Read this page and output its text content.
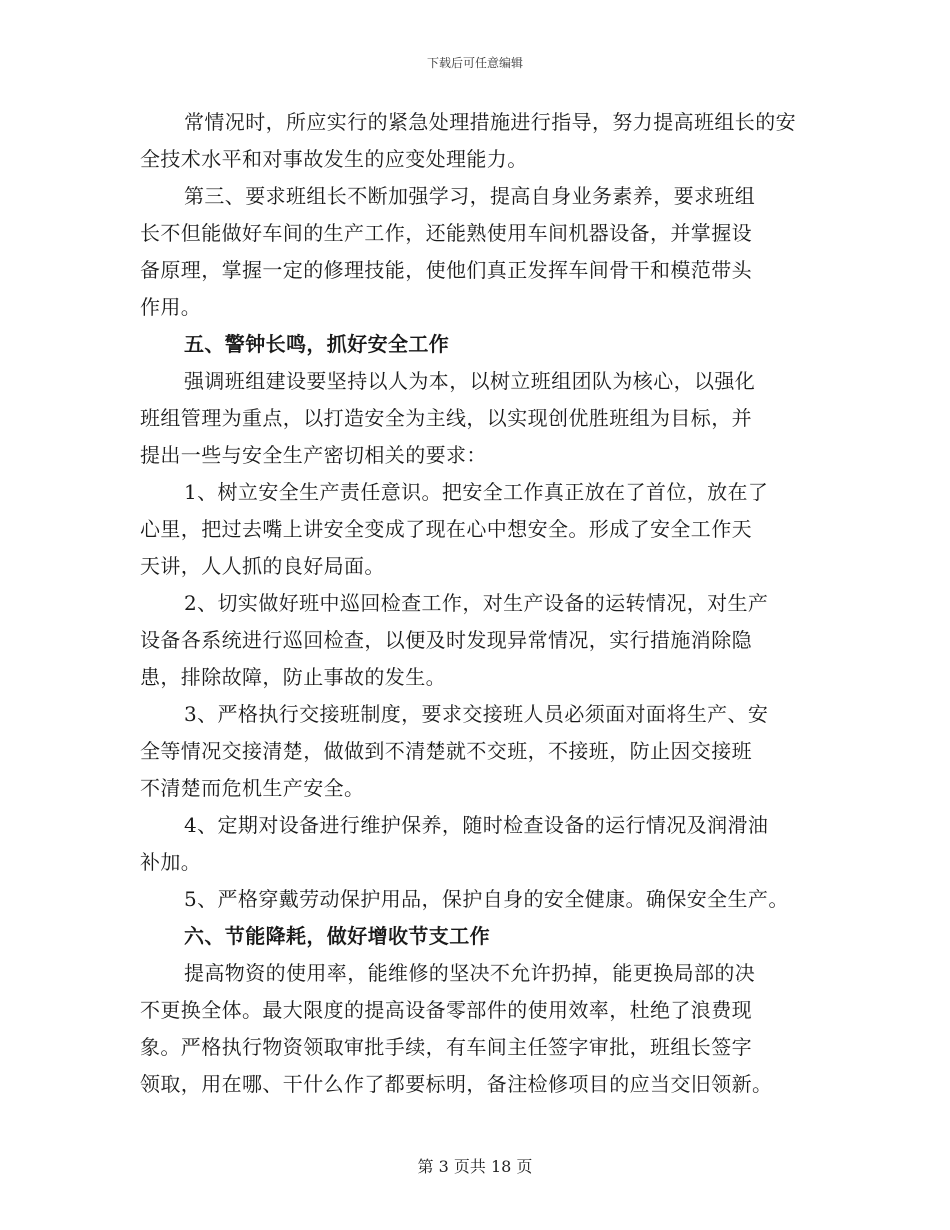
下载后可任意编辑
常情况时，所应实行的紧急处理措施进行指导，努力提高班组长的安
全技术水平和对事故发生的应变处理能力。
第三、要求班组长不断加强学习，提高自身业务素养，要求班组
长不但能做好车间的生产工作，还能熟使用车间机器设备，并掌握设
备原理，掌握一定的修理技能，使他们真正发挥车间骨干和模范带头
作用。
五、警钟长鸣，抓好安全工作
强调班组建设要坚持以人为本，以树立班组团队为核心，以强化
班组管理为重点，以打造安全为主线，以实现创优胜班组为目标，并
提出一些与安全生产密切相关的要求：
1、树立安全生产责任意识。把安全工作真正放在了首位，放在了
心里，把过去嘴上讲安全变成了现在心中想安全。形成了安全工作天
天讲，人人抓的良好局面。
2、切实做好班中巡回检查工作，对生产设备的运转情况，对生产
设备各系统进行巡回检查，以便及时发现异常情况，实行措施消除隐
患，排除故障，防止事故的发生。
3、严格执行交接班制度，要求交接班人员必须面对面将生产、安
全等情况交接清楚，做做到不清楚就不交班，不接班，防止因交接班
不清楚而危机生产安全。
4、定期对设备进行维护保养，随时检查设备的运行情况及润滑油
补加。
5、严格穿戴劳动保护用品，保护自身的安全健康。确保安全生产。
六、节能降耗，做好增收节支工作
提高物资的使用率，能维修的坚决不允许扔掉，能更换局部的决
不更换全体。最大限度的提高设备零部件的使用效率，杜绝了浪费现
象。严格执行物资领取审批手续，有车间主任签字审批，班组长签字
领取，用在哪、干什么作了都要标明，备注检修项目的应当交旧领新。
第 3 页共 18 页
